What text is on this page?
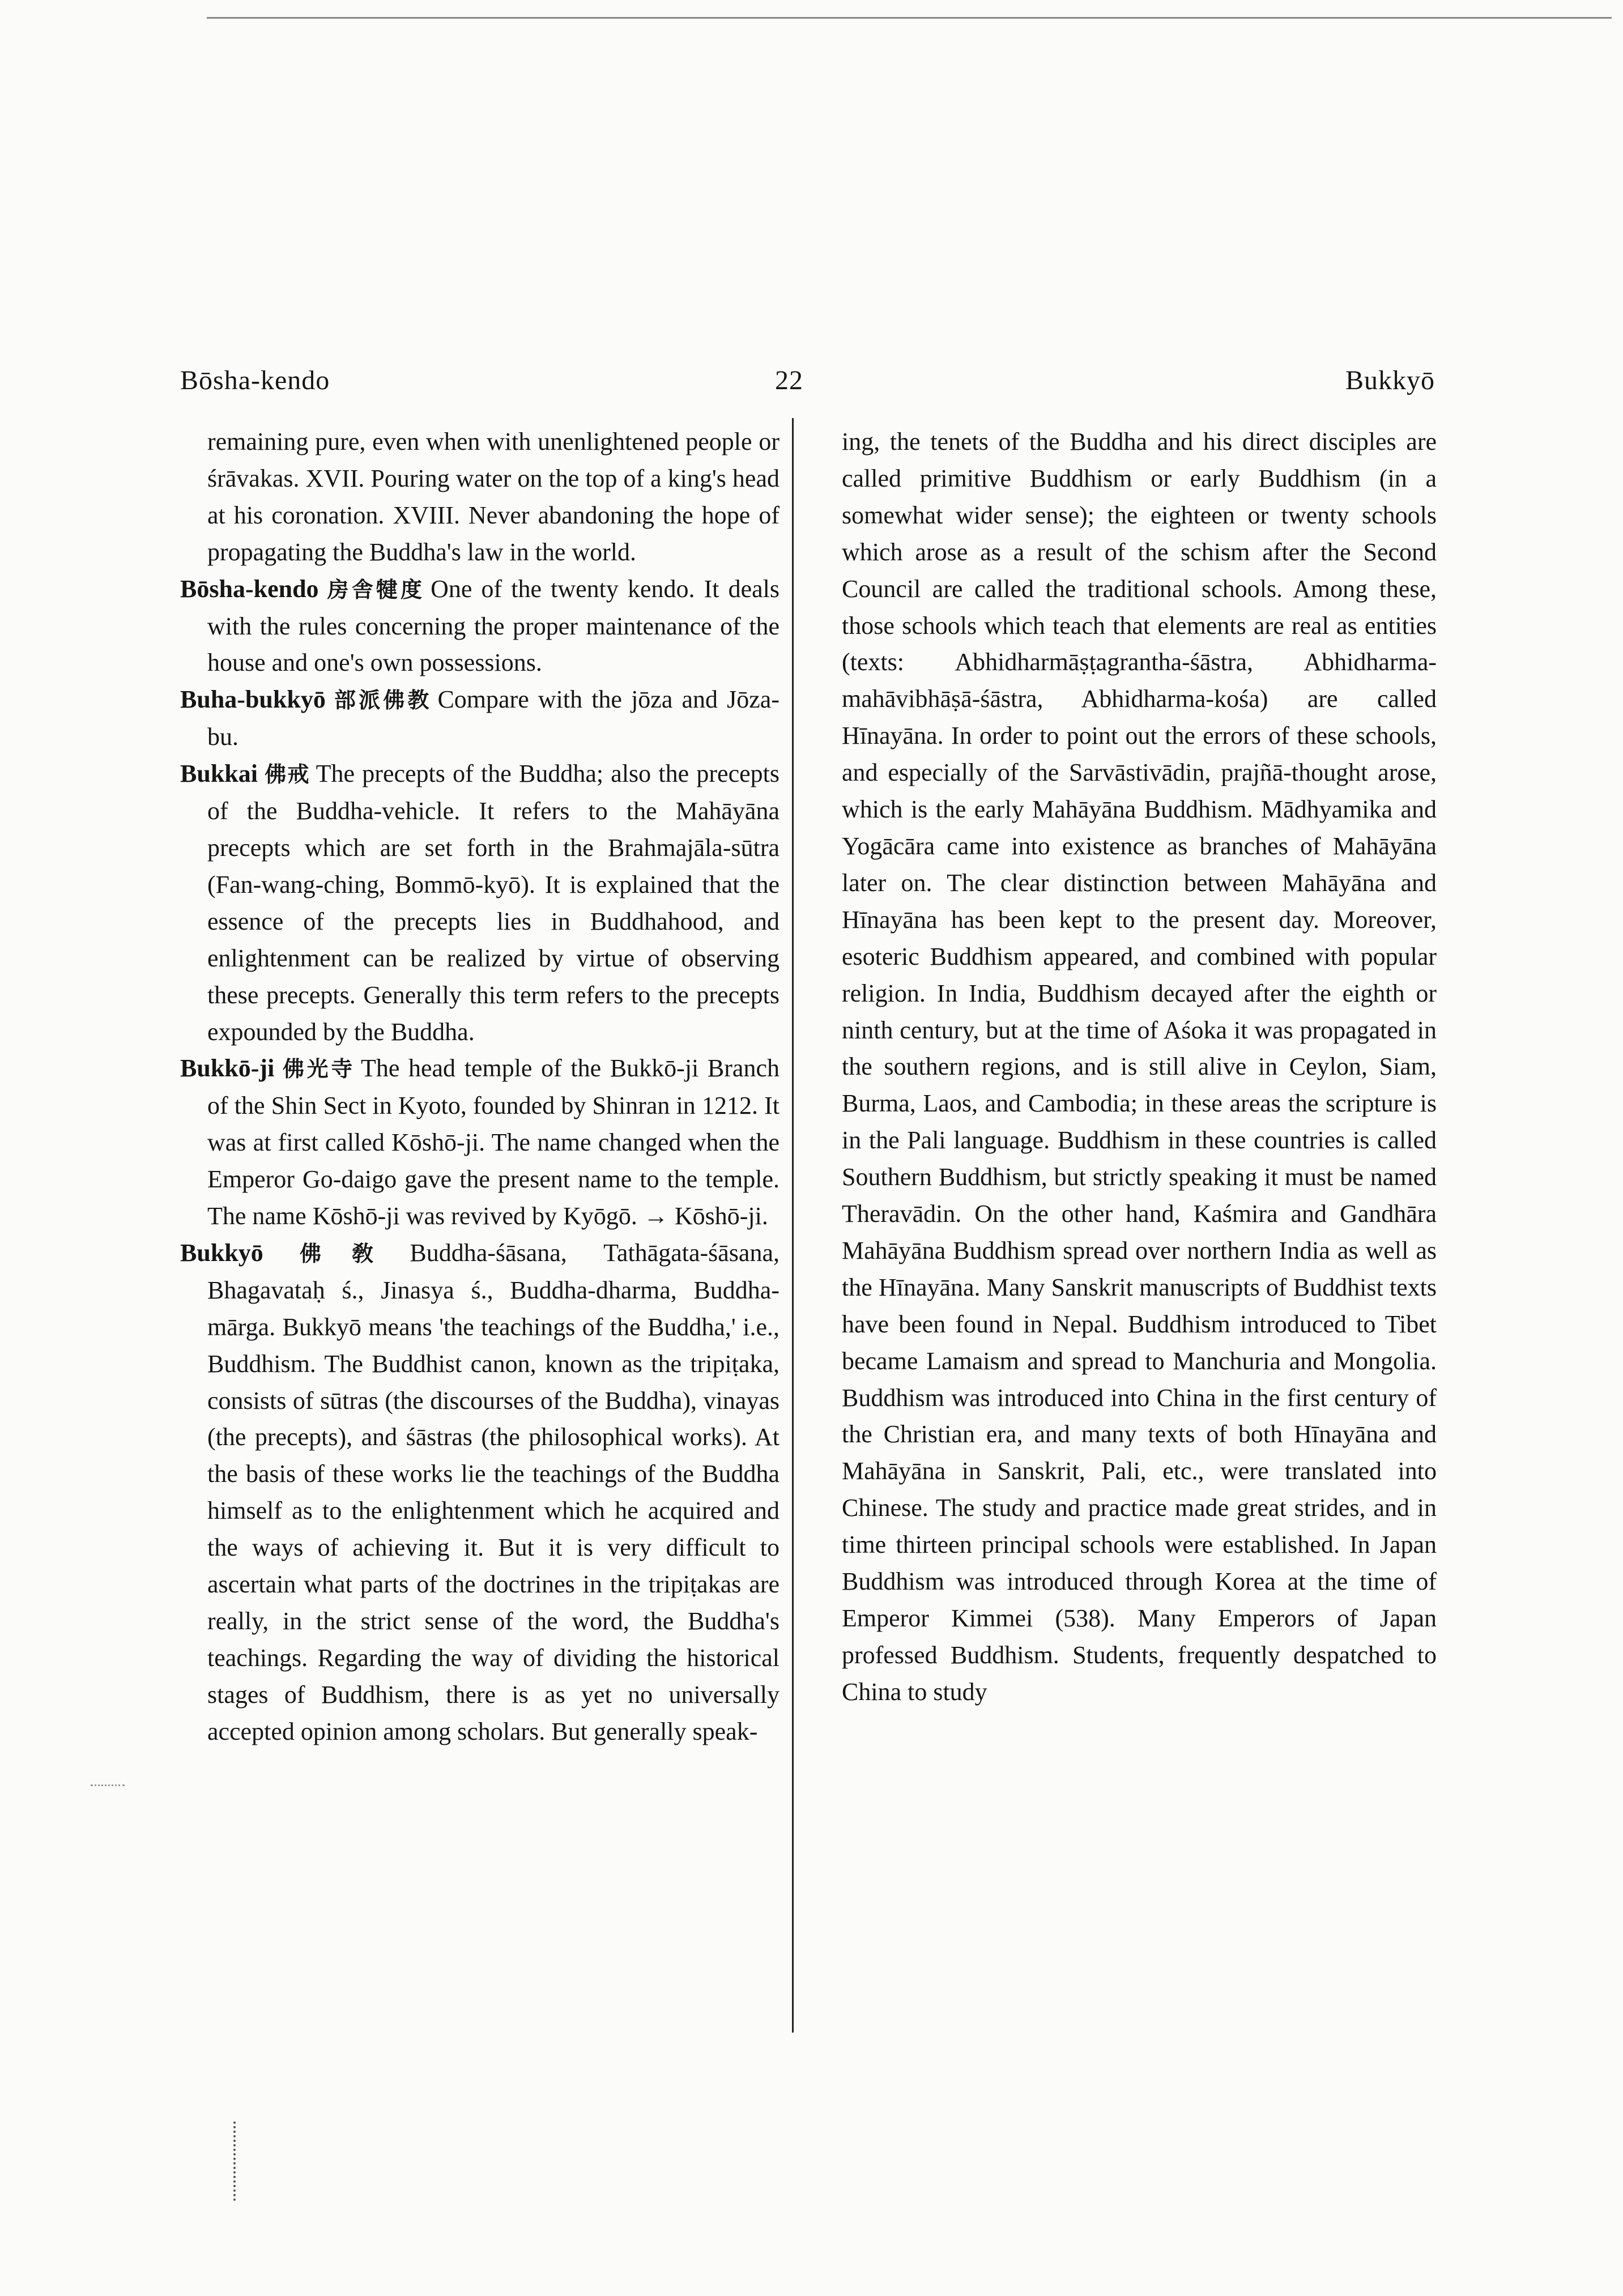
Bōsha-kendo	22	Bukkyō

remaining pure, even when with unenlightened people or śrāvakas. XVII. Pouring water on the top of a king's head at his coronation. XVIII. Never abandoning the hope of propagating the Buddha's law in the world.

Bōsha-kendo 房舎犍度 One of the twenty kendo. It deals with the rules concerning the proper maintenance of the house and one's own possessions.

Buha-bukkyō 部派佛教 Compare with the jōza and Jōza-bu.

Bukkai 佛戒 The precepts of the Buddha; also the precepts of the Buddha-vehicle. It refers to the Mahāyāna precepts which are set forth in the Brahmajāla-sūtra (Fan-wang-ching, Bommō-kyō). It is explained that the essence of the precepts lies in Buddhahood, and enlightenment can be realized by virtue of observing these precepts. Generally this term refers to the precepts expounded by the Buddha.

Bukkō-ji 佛光寺 The head temple of the Bukkō-ji Branch of the Shin Sect in Kyoto, founded by Shinran in 1212. It was at first called Kōshō-ji. The name changed when the Emperor Go-daigo gave the present name to the temple. The name Kōshō-ji was revived by Kyōgō. → Kōshō-ji.

Bukkyō 佛敎 Buddha-śāsana, Tathāgata-śāsana, Bhagavataḥ ś., Jinasya ś., Buddha-dharma, Buddha-mārga. Bukkyō means 'the teachings of the Buddha,' i.e., Buddhism. The Buddhist canon, known as the tripiṭaka, consists of sūtras (the discourses of the Buddha), vinayas (the precepts), and śāstras (the philosophical works). At the basis of these works lie the teachings of the Buddha himself as to the enlightenment which he acquired and the ways of achieving it. But it is very difficult to ascertain what parts of the doctrines in the tripiṭakas are really, in the strict sense of the word, the Buddha's teachings. Regarding the way of dividing the historical stages of Buddhism, there is as yet no universally accepted opinion among scholars. But generally speak-

ing, the tenets of the Buddha and his direct disciples are called primitive Buddhism or early Buddhism (in a somewhat wider sense); the eighteen or twenty schools which arose as a result of the schism after the Second Council are called the traditional schools. Among these, those schools which teach that elements are real as entities (texts: Abhidharmāṣṭagrantha-śāstra, Abhidharma-mahāvibhāṣā-śāstra, Abhidharma-kośa) are called Hīnayāna. In order to point out the errors of these schools, and especially of the Sarvāstivādin, prajñā-thought arose, which is the early Mahāyāna Buddhism. Mādhyamika and Yogācāra came into existence as branches of Mahāyāna later on. The clear distinction between Mahāyāna and Hīnayāna has been kept to the present day. Moreover, esoteric Buddhism appeared, and combined with popular religion. In India, Buddhism decayed after the eighth or ninth century, but at the time of Aśoka it was propagated in the southern regions, and is still alive in Ceylon, Siam, Burma, Laos, and Cambodia; in these areas the scripture is in the Pali language. Buddhism in these countries is called Southern Buddhism, but strictly speaking it must be named Theravādin. On the other hand, Kaśmira and Gandhāra Mahāyāna Buddhism spread over northern India as well as the Hīnayāna. Many Sanskrit manuscripts of Buddhist texts have been found in Nepal. Buddhism introduced to Tibet became Lamaism and spread to Manchuria and Mongolia. Buddhism was introduced into China in the first century of the Christian era, and many texts of both Hīnayāna and Mahāyāna in Sanskrit, Pali, etc., were translated into Chinese. The study and practice made great strides, and in time thirteen principal schools were established. In Japan Buddhism was introduced through Korea at the time of Emperor Kimmei (538). Many Emperors of Japan professed Buddhism. Students, frequently despatched to China to study
